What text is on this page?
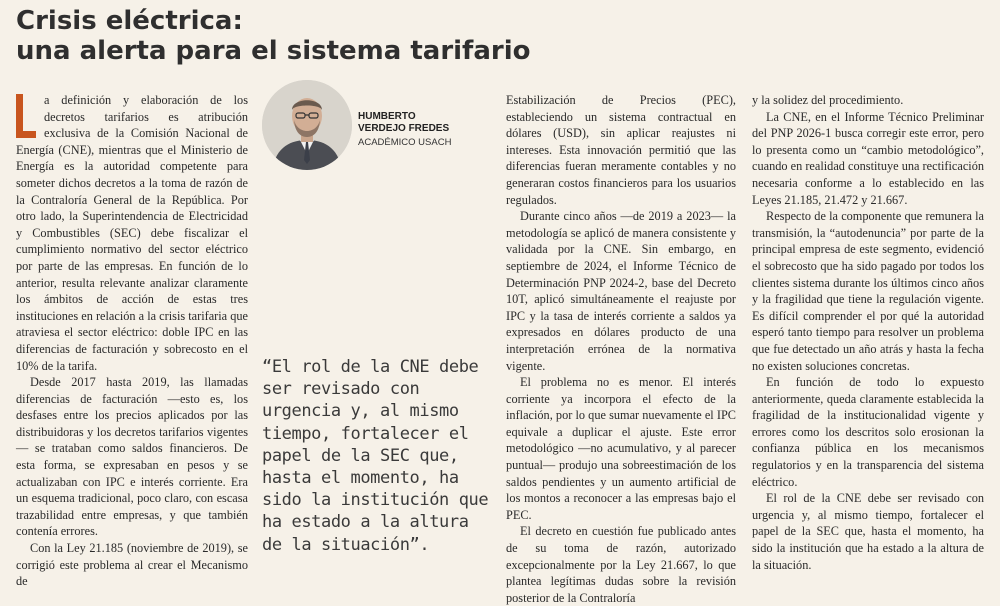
Crisis eléctrica:
una alerta para el sistema tarifario
HUMBERTO
VERDEJO FREDES
ACADÉMICO USACH
“El rol de la CNE debe ser revisado con urgencia y, al mismo tiempo, fortalecer el papel de la SEC que, hasta el momento, ha sido la institución que ha estado a la altura de la situación”.

a definición y elaboración de los decretos tarifarios es atribución exclusiva de la Comisión Nacional de Energía (CNE), mientras que el Ministerio de Energía es la autoridad competente para someter dichos decretos a la toma de razón de la Contraloría General de la República. Por otro lado, la Superintendencia de Electricidad y Combustibles (SEC) debe fiscalizar el cumplimiento normativo del sector eléctrico por parte de las empresas. En función de lo anterior, resulta relevante analizar claramente los ámbitos de acción de estas tres instituciones en relación a la crisis tarifaria que atraviesa el sector eléctrico: doble IPC en las diferencias de facturación y sobrecosto en el 10% de la tarifa.

Desde 2017 hasta 2019, las llamadas diferencias de facturación —esto es, los desfases entre los precios aplicados por las distribuidoras y los decretos tarifarios vigentes— se trataban como saldos financieros. De esta forma, se expresaban en pesos y se actualizaban con IPC e interés corriente. Era un esquema tradicional, poco claro, con escasa trazabilidad entre empresas, y que también contenía errores.

Con la Ley 21.185 (noviembre de 2019), se corrigió este problema al crear el Mecanismo de

Estabilización de Precios (PEC), estableciendo un sistema contractual en dólares (USD), sin aplicar reajustes ni intereses. Esta innovación permitió que las diferencias fueran meramente contables y no generaran costos financieros para los usuarios regulados.

Durante cinco años —de 2019 a 2023— la metodología se aplicó de manera consistente y validada por la CNE. Sin embargo, en septiembre de 2024, el Informe Técnico de Determinación PNP 2024-2, base del Decreto 10T, aplicó simultáneamente el reajuste por IPC y la tasa de interés corriente a saldos ya expresados en dólares producto de una interpretación errónea de la normativa vigente.

El problema no es menor. El interés corriente ya incorpora el efecto de la inflación, por lo que sumar nuevamente el IPC equivale a duplicar el ajuste. Este error metodológico —no acumulativo, y al parecer puntual— produjo una sobreestimación de los saldos pendientes y un aumento artificial de los montos a reconocer a las empresas bajo el PEC.

El decreto en cuestión fue publicado antes de su toma de razón, autorizado excepcionalmente por la Ley 21.667, lo que plantea legítimas dudas sobre la revisión posterior de la Contraloría

y la solidez del procedimiento.

La CNE, en el Informe Técnico Preliminar del PNP 2026-1 busca corregir este error, pero lo presenta como un “cambio metodológico”, cuando en realidad constituye una rectificación necesaria conforme a lo establecido en las Leyes 21.185, 21.472 y 21.667.

Respecto de la componente que remunera la transmisión, la “autodenuncia” por parte de la principal empresa de este segmento, evidenció el sobrecosto que ha sido pagado por todos los clientes sistema durante los últimos cinco años y la fragilidad que tiene la regulación vigente. Es difícil comprender el por qué la autoridad esperó tanto tiempo para resolver un problema que fue detectado un año atrás y hasta la fecha no existen soluciones concretas.

En función de todo lo expuesto anteriormente, queda claramente establecida la fragilidad de la institucionalidad vigente y errores como los descritos solo erosionan la confianza pública en los mecanismos regulatorios y en la transparencia del sistema eléctrico.

El rol de la CNE debe ser revisado con urgencia y, al mismo tiempo, fortalecer el papel de la SEC que, hasta el momento, ha sido la institución que ha estado a la altura de la situación.
